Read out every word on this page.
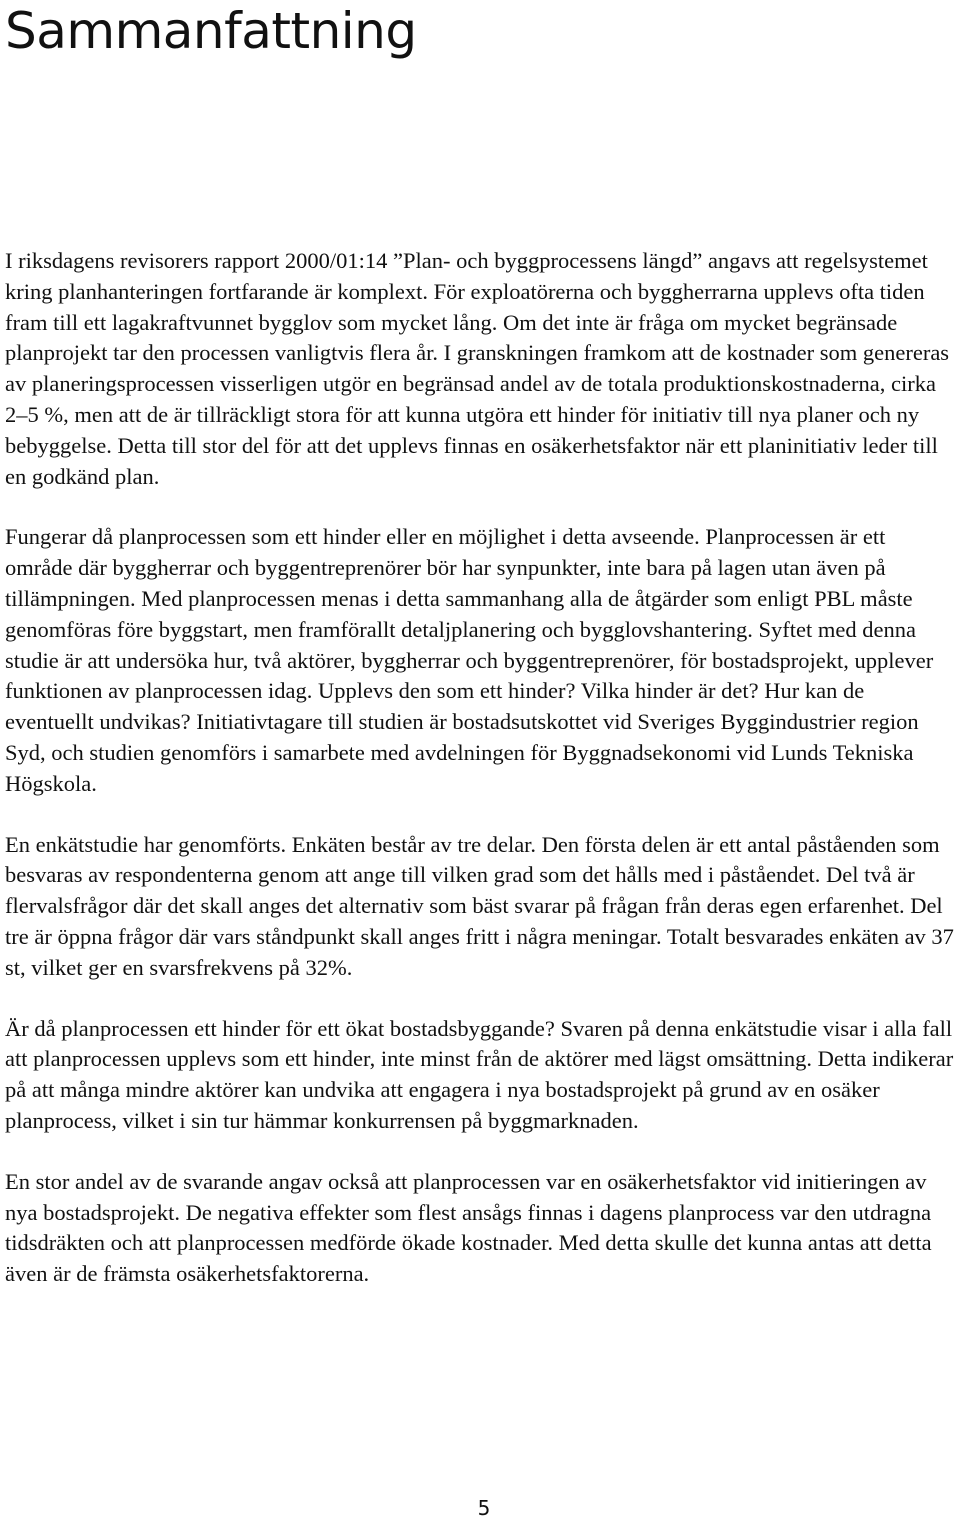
Sammanfattning

I riksdagens revisorers rapport 2000/01:14 ”Plan- och byggprocessens längd” angavs att regelsystemet kring planhanteringen fortfarande är komplext. För exploatörerna och byggherrarna upplevs ofta tiden fram till ett lagakraftvunnet bygglov som mycket lång. Om det inte är fråga om mycket begränsade planprojekt tar den processen vanligtvis flera år. I granskningen framkom att de kostnader som genereras av planeringsprocessen visserligen utgör en begränsad andel av de totala produktionskostnaderna, cirka 2–5 %, men att de är tillräckligt stora för att kunna utgöra ett hinder för initiativ till nya planer och ny bebyggelse. Detta till stor del för att det upplevs finnas en osäkerhetsfaktor när ett planinitiativ leder till en godkänd plan.

Fungerar då planprocessen som ett hinder eller en möjlighet i detta avseende. Planprocessen är ett område där byggherrar och byggentreprenörer bör har synpunkter, inte bara på lagen utan även på tillämpningen. Med planprocessen menas i detta sammanhang alla de åtgärder som enligt PBL måste genomföras före byggstart, men framförallt detaljplanering och bygglovshantering. Syftet med denna studie är att undersöka hur, två aktörer, byggherrar och byggentreprenörer, för bostadsprojekt, upplever funktionen av planprocessen idag. Upplevs den som ett hinder? Vilka hinder är det? Hur kan de eventuellt undvikas? Initiativtagare till studien är bostadsutskottet vid Sveriges Byggindustrier region Syd, och studien genomförs i samarbete med avdelningen för Byggnadsekonomi vid Lunds Tekniska Högskola.

En enkätstudie har genomförts. Enkäten består av tre delar. Den första delen är ett antal påståenden som besvaras av respondenterna genom att ange till vilken grad som det hålls med i påståendet. Del två är flervalsfrågor där det skall anges det alternativ som bäst svarar på frågan från deras egen erfarenhet. Del tre är öppna frågor där vars ståndpunkt skall anges fritt i några meningar. Totalt besvarades enkäten av 37 st, vilket ger en svarsfrekvens på 32%.

Är då planprocessen ett hinder för ett ökat bostadsbyggande? Svaren på denna enkätstudie visar i alla fall att planprocessen upplevs som ett hinder, inte minst från de aktörer med lägst omsättning. Detta indikerar på att många mindre aktörer kan undvika att engagera i nya bostadsprojekt på grund av en osäker planprocess, vilket i sin tur hämmar konkurrensen på byggmarknaden.

En stor andel av de svarande angav också att planprocessen var en osäkerhetsfaktor vid initieringen av nya bostadsprojekt. De negativa effekter som flest ansågs finnas i dagens planprocess var den utdragna tidsdräkten och att planprocessen medförde ökade kostnader. Med detta skulle det kunna antas att detta även är de främsta osäkerhetsfaktorerna.

5
